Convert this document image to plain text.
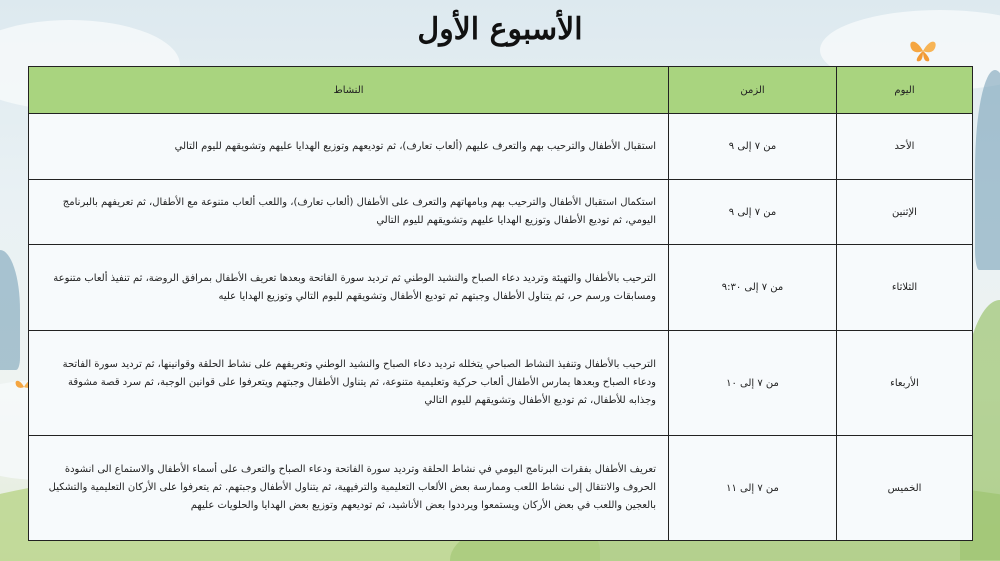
الأسبوع الأول
اليوم	الزمن	النشاط
الأحد	من ٧ إلى ٩	استقبال الأطفال والترحيب بهم والتعرف عليهم (ألعاب تعارف)، ثم توديعهم وتوزيع الهدايا عليهم وتشويقهم لليوم التالي
الإثنين	من ٧ إلى ٩	استكمال استقبال الأطفال والترحيب بهم وبامهاتهم والتعرف على الأطفال (ألعاب تعارف)، واللعب ألعاب متنوعة مع الأطفال، ثم تعريفهم بالبرنامج اليومي، ثم توديع الأطفال وتوزيع الهدايا عليهم وتشويقهم لليوم التالي
الثلاثاء	من ٧ إلى ٩:٣٠	الترحيب بالأطفال والتهيئة وترديد دعاء الصباح والنشيد الوطني ثم ترديد سورة الفاتحة وبعدها تعريف الأطفال بمرافق الروضة، ثم تنفيذ ألعاب متنوعة ومسابقات ورسم حر، ثم يتناول الأطفال وجبتهم ثم توديع الأطفال وتشويقهم لليوم التالي وتوزيع الهدايا عليه
الأربعاء	من ٧ إلى ١٠	الترحيب بالأطفال وتنفيذ النشاط الصباحي يتخلله ترديد دعاء الصباح والنشيد الوطني وتعريفهم على نشاط الحلقة وقوانينها، ثم ترديد سورة الفاتحة ودعاء الصباح وبعدها يمارس الأطفال ألعاب حركية وتعليمية متنوعة، ثم يتناول الأطفال وجبتهم ويتعرفوا على قوانين الوجبة، ثم سرد قصة مشوقة وجذابه للأطفال، ثم توديع الأطفال وتشويقهم لليوم التالي
الخميس	من ٧ إلى ١١	تعريف الأطفال بفقرات البرنامج اليومي في نشاط الحلقة وترديد سورة الفاتحة ودعاء الصباح والتعرف على أسماء الأطفال والاستماع الى انشودة الحروف والانتقال إلى نشاط اللعب وممارسة بعض الألعاب التعليمية والترفيهية، ثم يتناول الأطفال وجبتهم. ثم يتعرفوا على الأركان التعليمية والتشكيل بالعجين واللعب في بعض الأركان ويستمعوا ويرددوا بعض الأناشيد، ثم توديعهم وتوزيع بعض الهدايا والحلويات عليهم
